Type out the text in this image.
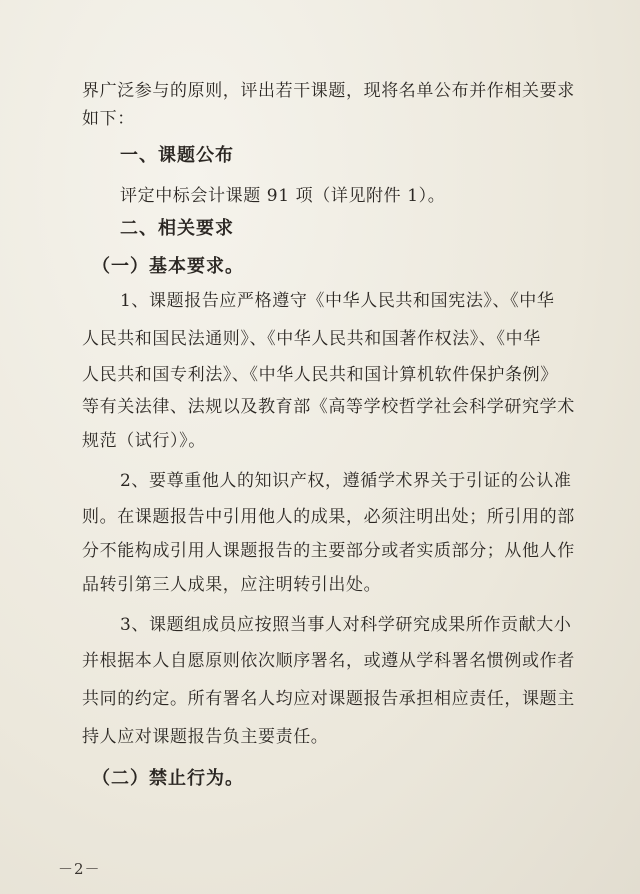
界广泛参与的原则，评出若干课题，现将名单公布并作相关要求
如下：
一、课题公布
评定中标会计课题 91 项（详见附件 1）。
二、相关要求
（一）基本要求。
1、课题报告应严格遵守《中华人民共和国宪法》、《中华
人民共和国民法通则》、《中华人民共和国著作权法》、《中华
人民共和国专利法》、《中华人民共和国计算机软件保护条例》
等有关法律、法规以及教育部《高等学校哲学社会科学研究学术
规范（试行）》。
2、要尊重他人的知识产权，遵循学术界关于引证的公认准
则。在课题报告中引用他人的成果，必须注明出处；所引用的部
分不能构成引用人课题报告的主要部分或者实质部分；从他人作
品转引第三人成果，应注明转引出处。
3、课题组成员应按照当事人对科学研究成果所作贡献大小
并根据本人自愿原则依次顺序署名，或遵从学科署名惯例或作者
共同的约定。所有署名人均应对课题报告承担相应责任，课题主
持人应对课题报告负主要责任。
（二）禁止行为。
－2－
